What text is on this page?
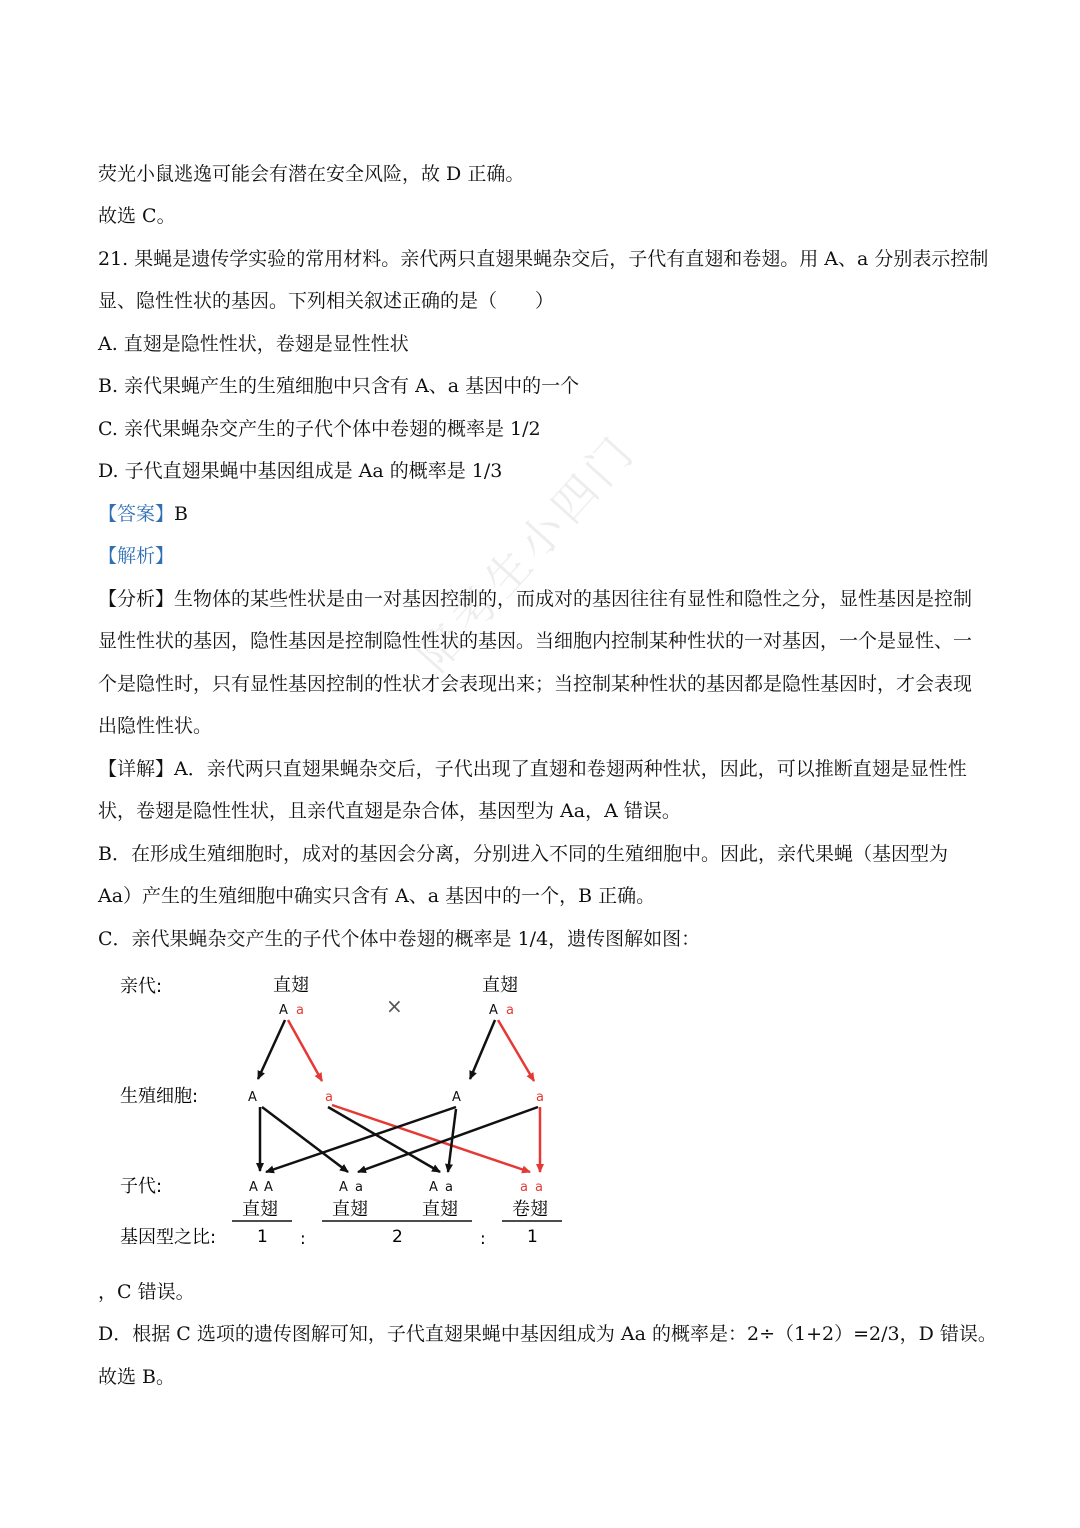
陪考生小四门
荧光小鼠逃逸可能会有潜在安全风险，故 D 正确。
故选 C。
21. 果蝇是遗传学实验的常用材料。亲代两只直翅果蝇杂交后，子代有直翅和卷翅。用 A、a 分别表示控制
显、隐性性状的基因。下列相关叙述正确的是（　　）
A. 直翅是隐性性状，卷翅是显性性状
B. 亲代果蝇产生的生殖细胞中只含有 A、a 基因中的一个
C. 亲代果蝇杂交产生的子代个体中卷翅的概率是 1/2
D. 子代直翅果蝇中基因组成是 Aa 的概率是 1/3
【答案】B
【解析】
【分析】生物体的某些性状是由一对基因控制的，而成对的基因往往有显性和隐性之分，显性基因是控制
显性性状的基因，隐性基因是控制隐性性状的基因。当细胞内控制某种性状的一对基因，一个是显性、一
个是隐性时，只有显性基因控制的性状才会表现出来；当控制某种性状的基因都是隐性基因时，才会表现
出隐性性状。
【详解】A．亲代两只直翅果蝇杂交后，子代出现了直翅和卷翅两种性状，因此，可以推断直翅是显性性
状，卷翅是隐性性状，且亲代直翅是杂合体，基因型为 Aa，A 错误。
B．在形成生殖细胞时，成对的基因会分离，分别进入不同的生殖细胞中。因此，亲代果蝇（基因型为
Aa）产生的生殖细胞中确实只含有 A、a 基因中的一个，B 正确。
C．亲代果蝇杂交产生的子代个体中卷翅的概率是 1/4，遗传图解如图：
亲代:
生殖细胞:
子代:
基因型之比:
直翅
A a	×
直翅
A a
A	a	A	a
A A
直翅
A a
直翅
A a
直翅
a a
卷翅
1 :	2	: 1
，C 错误。
D．根据 C 选项的遗传图解可知，子代直翅果蝇中基因组成为 Aa 的概率是：2÷（1+2）=2/3，D 错误。
故选 B。
